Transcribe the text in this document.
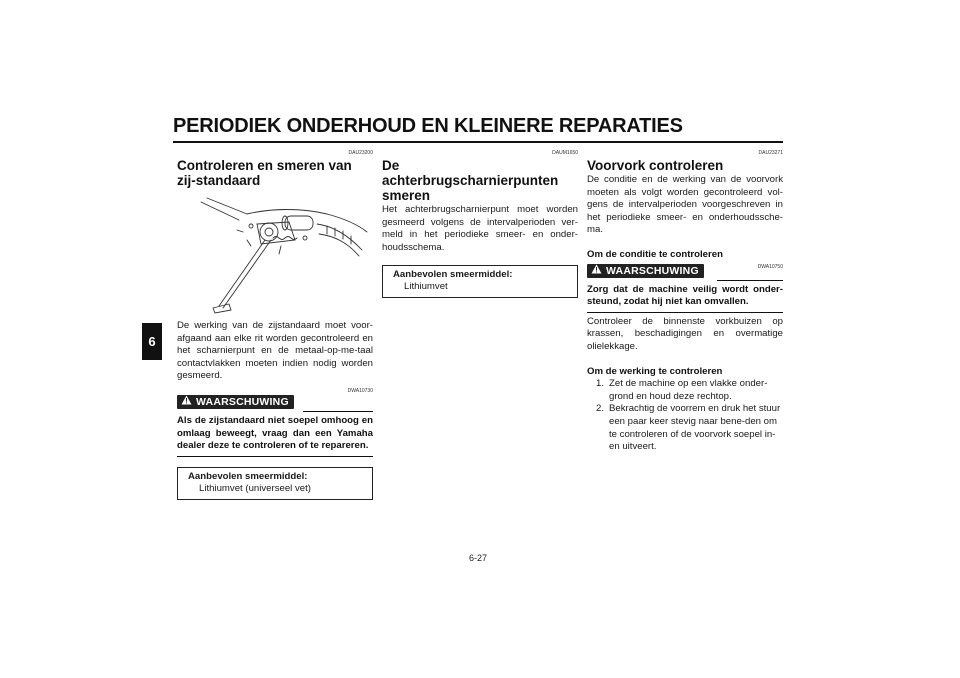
PERIODIEK ONDERHOUD EN KLEINERE REPARATIES
6
DAU23200
Controleren en smeren van zij-standaard
De werking van de zijstandaard moet voor-afgaand aan elke rit worden gecontroleerd en het scharnierpunt en de metaal-op-me-taal contactvlakken moeten indien nodig worden gesmeerd.
DWA10730
WAARSCHUWING
Als de zijstandaard niet soepel omhoog en omlaag beweegt, vraag dan een Yamaha dealer deze te controleren of te repareren.
Aanbevolen smeermiddel:
Lithiumvet (universeel vet)
DAUM1650
De achterbrugscharnierpunten smeren
Het achterbrugscharnierpunt moet worden gesmeerd volgens de intervalperioden ver-meld in het periodieke smeer- en onder-houdsschema.
Aanbevolen smeermiddel:
Lithiumvet
DAU23271
Voorvork controleren
De conditie en de werking van de voorvork moeten als volgt worden gecontroleerd vol-gens de intervalperioden voorgeschreven in het periodieke smeer- en onderhoudssche-ma.
Om de conditie te controleren
WAARSCHUWING	DWA10750
Zorg dat de machine veilig wordt onder-steund, zodat hij niet kan omvallen.
Controleer de binnenste vorkbuizen op krassen, beschadigingen en overmatige olielekkage.
Om de werking te controleren
1. Zet de machine op een vlakke onder-grond en houd deze rechtop.
2. Bekrachtig de voorrem en druk het stuur een paar keer stevig naar bene-den om te controleren of de voorvork soepel in- en uitveert.
6-27
